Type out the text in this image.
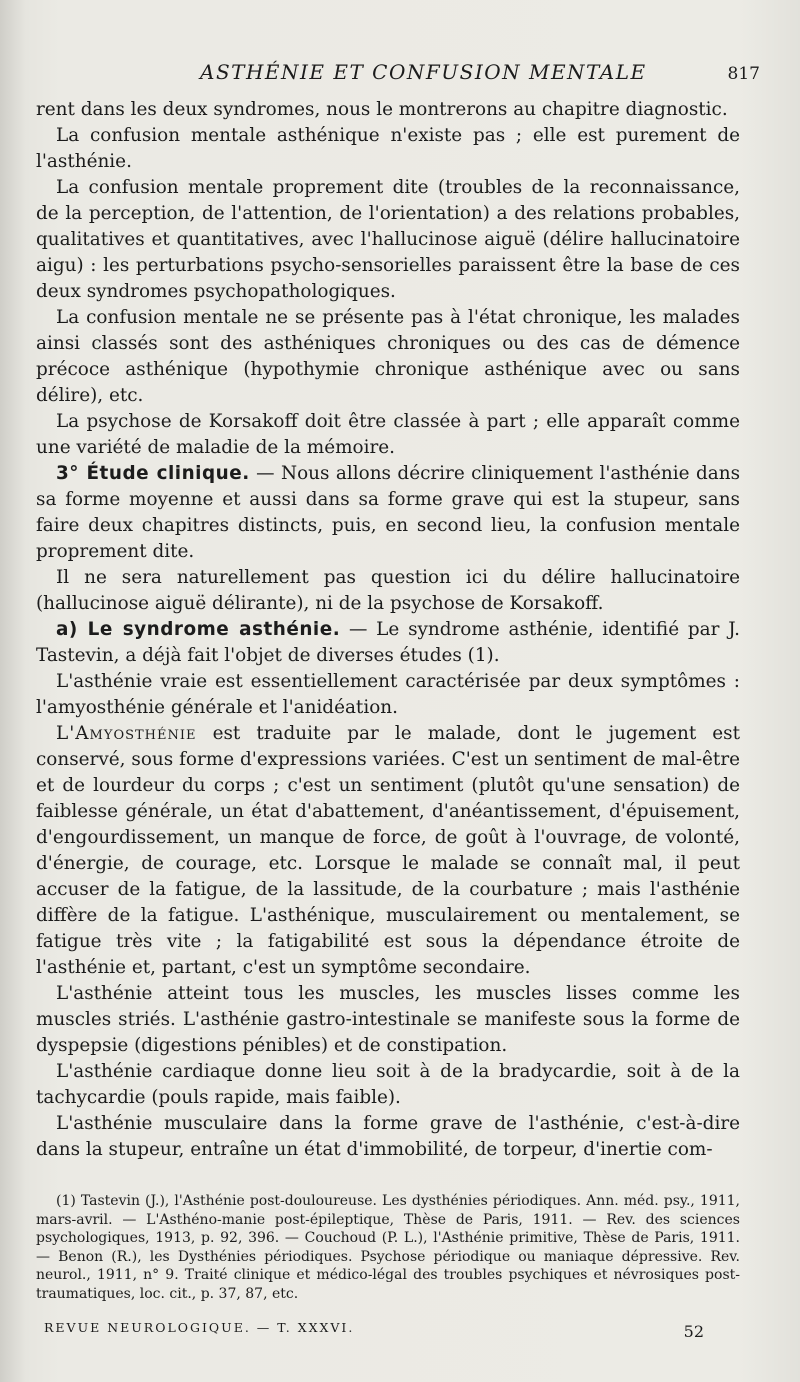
ASTHÉNIE ET CONFUSION MENTALE	817

rent dans les deux syndromes, nous le montrerons au chapitre diagnostic.

La confusion mentale asthénique n'existe pas ; elle est purement de l'asthénie.

La confusion mentale proprement dite (troubles de la reconnaissance, de la perception, de l'attention, de l'orientation) a des relations probables, qualitatives et quantitatives, avec l'hallucinose aiguë (délire hallucinatoire aigu) : les perturbations psycho-sensorielles paraissent être la base de ces deux syndromes psychopathologiques.

La confusion mentale ne se présente pas à l'état chronique, les malades ainsi classés sont des asthéniques chroniques ou des cas de démence précoce asthénique (hypothymie chronique asthénique avec ou sans délire), etc.

La psychose de Korsakoff doit être classée à part ; elle apparaît comme une variété de maladie de la mémoire.

3° Étude clinique. — Nous allons décrire cliniquement l'asthénie dans sa forme moyenne et aussi dans sa forme grave qui est la stupeur, sans faire deux chapitres distincts, puis, en second lieu, la confusion mentale proprement dite.

Il ne sera naturellement pas question ici du délire hallucinatoire (hallucinose aiguë délirante), ni de la psychose de Korsakoff.

a) Le syndrome asthénie. — Le syndrome asthénie, identifié par J. Tastevin, a déjà fait l'objet de diverses études (1).

L'asthénie vraie est essentiellement caractérisée par deux symptômes : l'amyosthénie générale et l'anidéation.

L'Amyosthénie est traduite par le malade, dont le jugement est conservé, sous forme d'expressions variées. C'est un sentiment de mal-être et de lourdeur du corps ; c'est un sentiment (plutôt qu'une sensation) de faiblesse générale, un état d'abattement, d'anéantissement, d'épuisement, d'engourdissement, un manque de force, de goût à l'ouvrage, de volonté, d'énergie, de courage, etc. Lorsque le malade se connaît mal, il peut accuser de la fatigue, de la lassitude, de la courbature ; mais l'asthénie diffère de la fatigue. L'asthénique, musculairement ou mentalement, se fatigue très vite ; la fatigabilité est sous la dépendance étroite de l'asthénie et, partant, c'est un symptôme secondaire.

L'asthénie atteint tous les muscles, les muscles lisses comme les muscles striés. L'asthénie gastro-intestinale se manifeste sous la forme de dyspepsie (digestions pénibles) et de constipation.

L'asthénie cardiaque donne lieu soit à de la bradycardie, soit à de la tachycardie (pouls rapide, mais faible).

L'asthénie musculaire dans la forme grave de l'asthénie, c'est-à-dire dans la stupeur, entraîne un état d'immobilité, de torpeur, d'inertie com-

(1) Tastevin (J.), l'Asthénie post-douloureuse. Les dysthénies périodiques. Ann. méd. psy., 1911, mars-avril. — L'Asthéno-manie post-épileptique, Thèse de Paris, 1911. — Rev. des sciences psychologiques, 1913, p. 92, 396. — Couchoud (P. L.), l'Asthénie primitive, Thèse de Paris, 1911. — Benon (R.), les Dysthénies périodiques. Psychose périodique ou maniaque dépressive. Rev. neurol., 1911, n° 9. Traité clinique et médico-légal des troubles psychiques et névrosiques post-traumatiques, loc. cit., p. 37, 87, etc.

REVUE NEUROLOGIQUE. — T. XXXVI.	52
